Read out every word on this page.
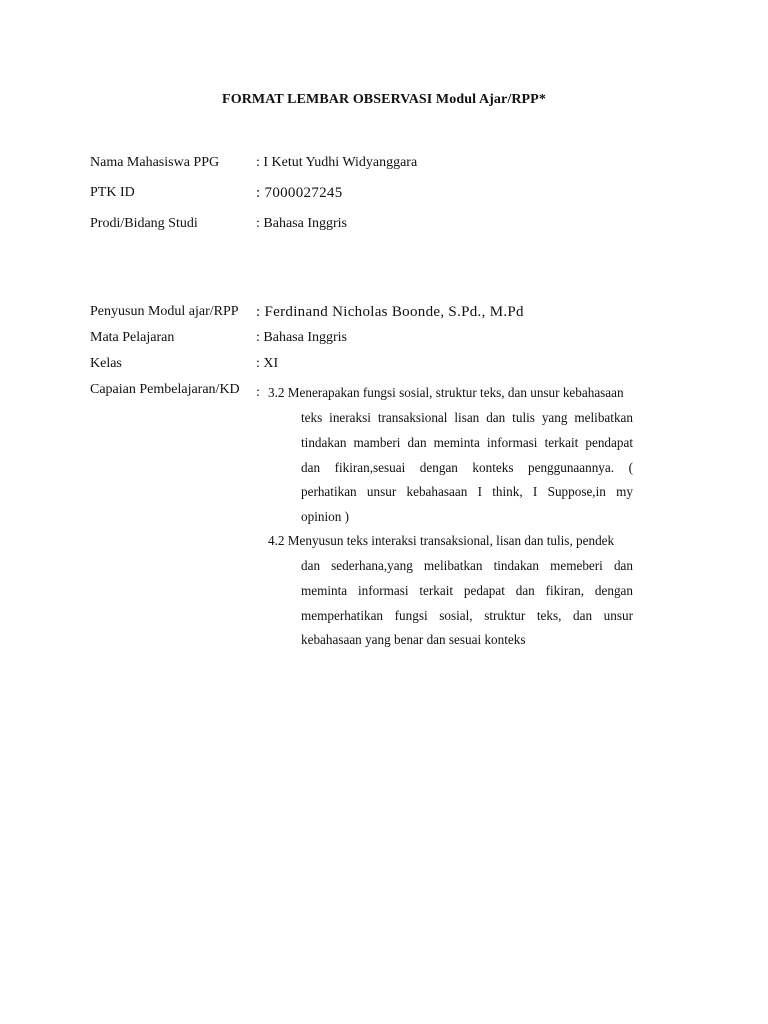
FORMAT LEMBAR OBSERVASI Modul Ajar/RPP*
Nama Mahasiswa PPG	: I Ketut Yudhi Widyanggara
PTK ID	: 7000027245
Prodi/Bidang Studi	: Bahasa Inggris
Penyusun Modul ajar/RPP : Ferdinand Nicholas Boonde, S.Pd., M.Pd
Mata Pelajaran	: Bahasa Inggris
Kelas	: XI
Capaian Pembelajaran/KD : 3.2 Menerapakan fungsi sosial, struktur teks, dan unsur kebahasaan
teks ineraksi transaksional lisan dan tulis yang melibatkan
tindakan mamberi dan meminta informasi terkait pendapat
dan fikiran,sesuai dengan konteks penggunaannya. (
perhatikan unsur kebahasaan I think, I Suppose,in my
opinion )
4.2 Menyusun teks interaksi transaksional, lisan dan tulis, pendek
dan sederhana,yang melibatkan tindakan memeberi dan
meminta informasi terkait pedapat dan fikiran, dengan
memperhatikan fungsi sosial, struktur teks, dan unsur
kebahasaan yang benar dan sesuai konteks
